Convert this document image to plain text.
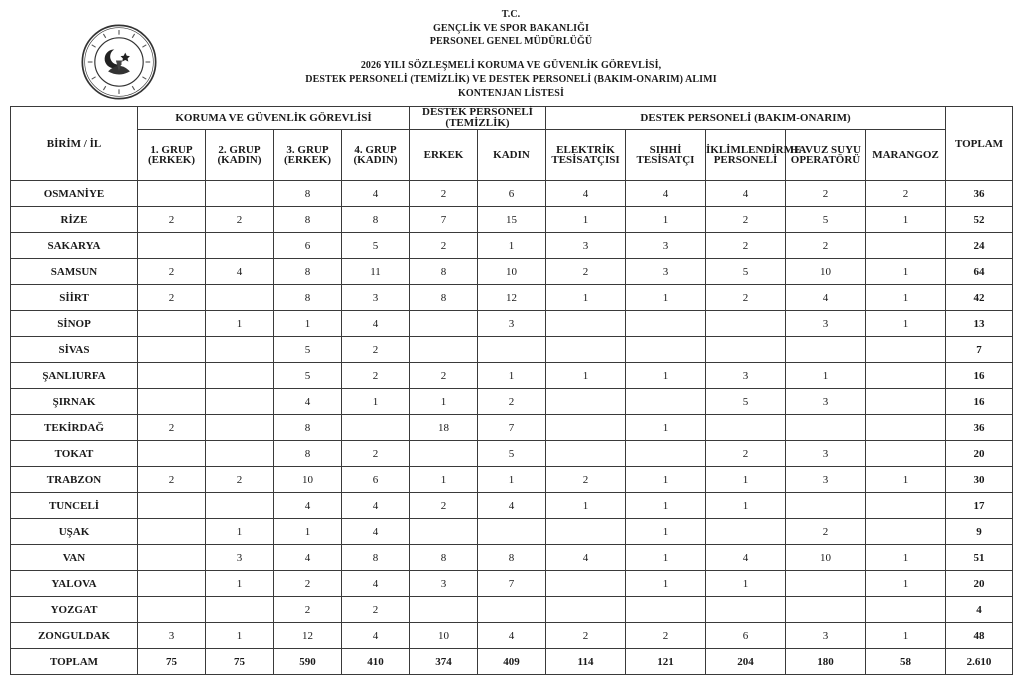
T.C.
GENÇLİK VE SPOR BAKANLIĞI
PERSONEL GENEL MÜDÜRLÜĞÜ
2026 YILI SÖZLEŞMELİ KORUMA VE GÜVENLİK GÖREVLİSİ,
DESTEK PERSONELİ (TEMİZLİK) VE DESTEK PERSONELİ (BAKIM-ONARIM) ALIMI
KONTENJAN LİSTESİ
BİRİM / İL	KORUMA VE GÜVENLİK GÖREVLİSİ				DESTEK PERSONELİ (TEMİZLİK)		DESTEK PERSONELİ (BAKIM-ONARIM)					TOPLAM
	1. GRUP (ERKEK)	2. GRUP (KADIN)	3. GRUP (ERKEK)	4. GRUP (KADIN)	ERKEK	KADIN	ELEKTRİK TESİSATÇISI	SIHHİ TESİSATÇI	İKLİMLENDİRME PERSONELİ	HAVUZ SUYU OPERATÖRÜ	MARANGOZ	
OSMANİYE			8	4	2	6	4	4	4	2	2	36
RİZE	2	2	8	8	7	15	1	1	2	5	1	52
SAKARYA			6	5	2	1	3	3	2	2		24
SAMSUN	2	4	8	11	8	10	2	3	5	10	1	64
SİİRT	2		8	3	8	12	1	1	2	4	1	42
SİNOP		1	1	4		3				3	1	13
SİVAS			5	2								7
ŞANLIURFA			5	2	2	1	1	1	3	1		16
ŞIRNAK			4	1	1	2			5	3		16
TEKİRDAĞ	2		8		18	7		1				36
TOKAT			8	2		5			2	3		20
TRABZON	2	2	10	6	1	1	2	1	1	3	1	30
TUNCELİ			4	4	2	4	1	1	1			17
UŞAK		1	1	4				1		2		9
VAN		3	4	8	8	8	4	1	4	10	1	51
YALOVA		1	2	4	3	7		1	1		1	20
YOZGAT			2	2								4
ZONGULDAK	3	1	12	4	10	4	2	2	6	3	1	48
TOPLAM	75	75	590	410	374	409	114	121	204	180	58	2.610
